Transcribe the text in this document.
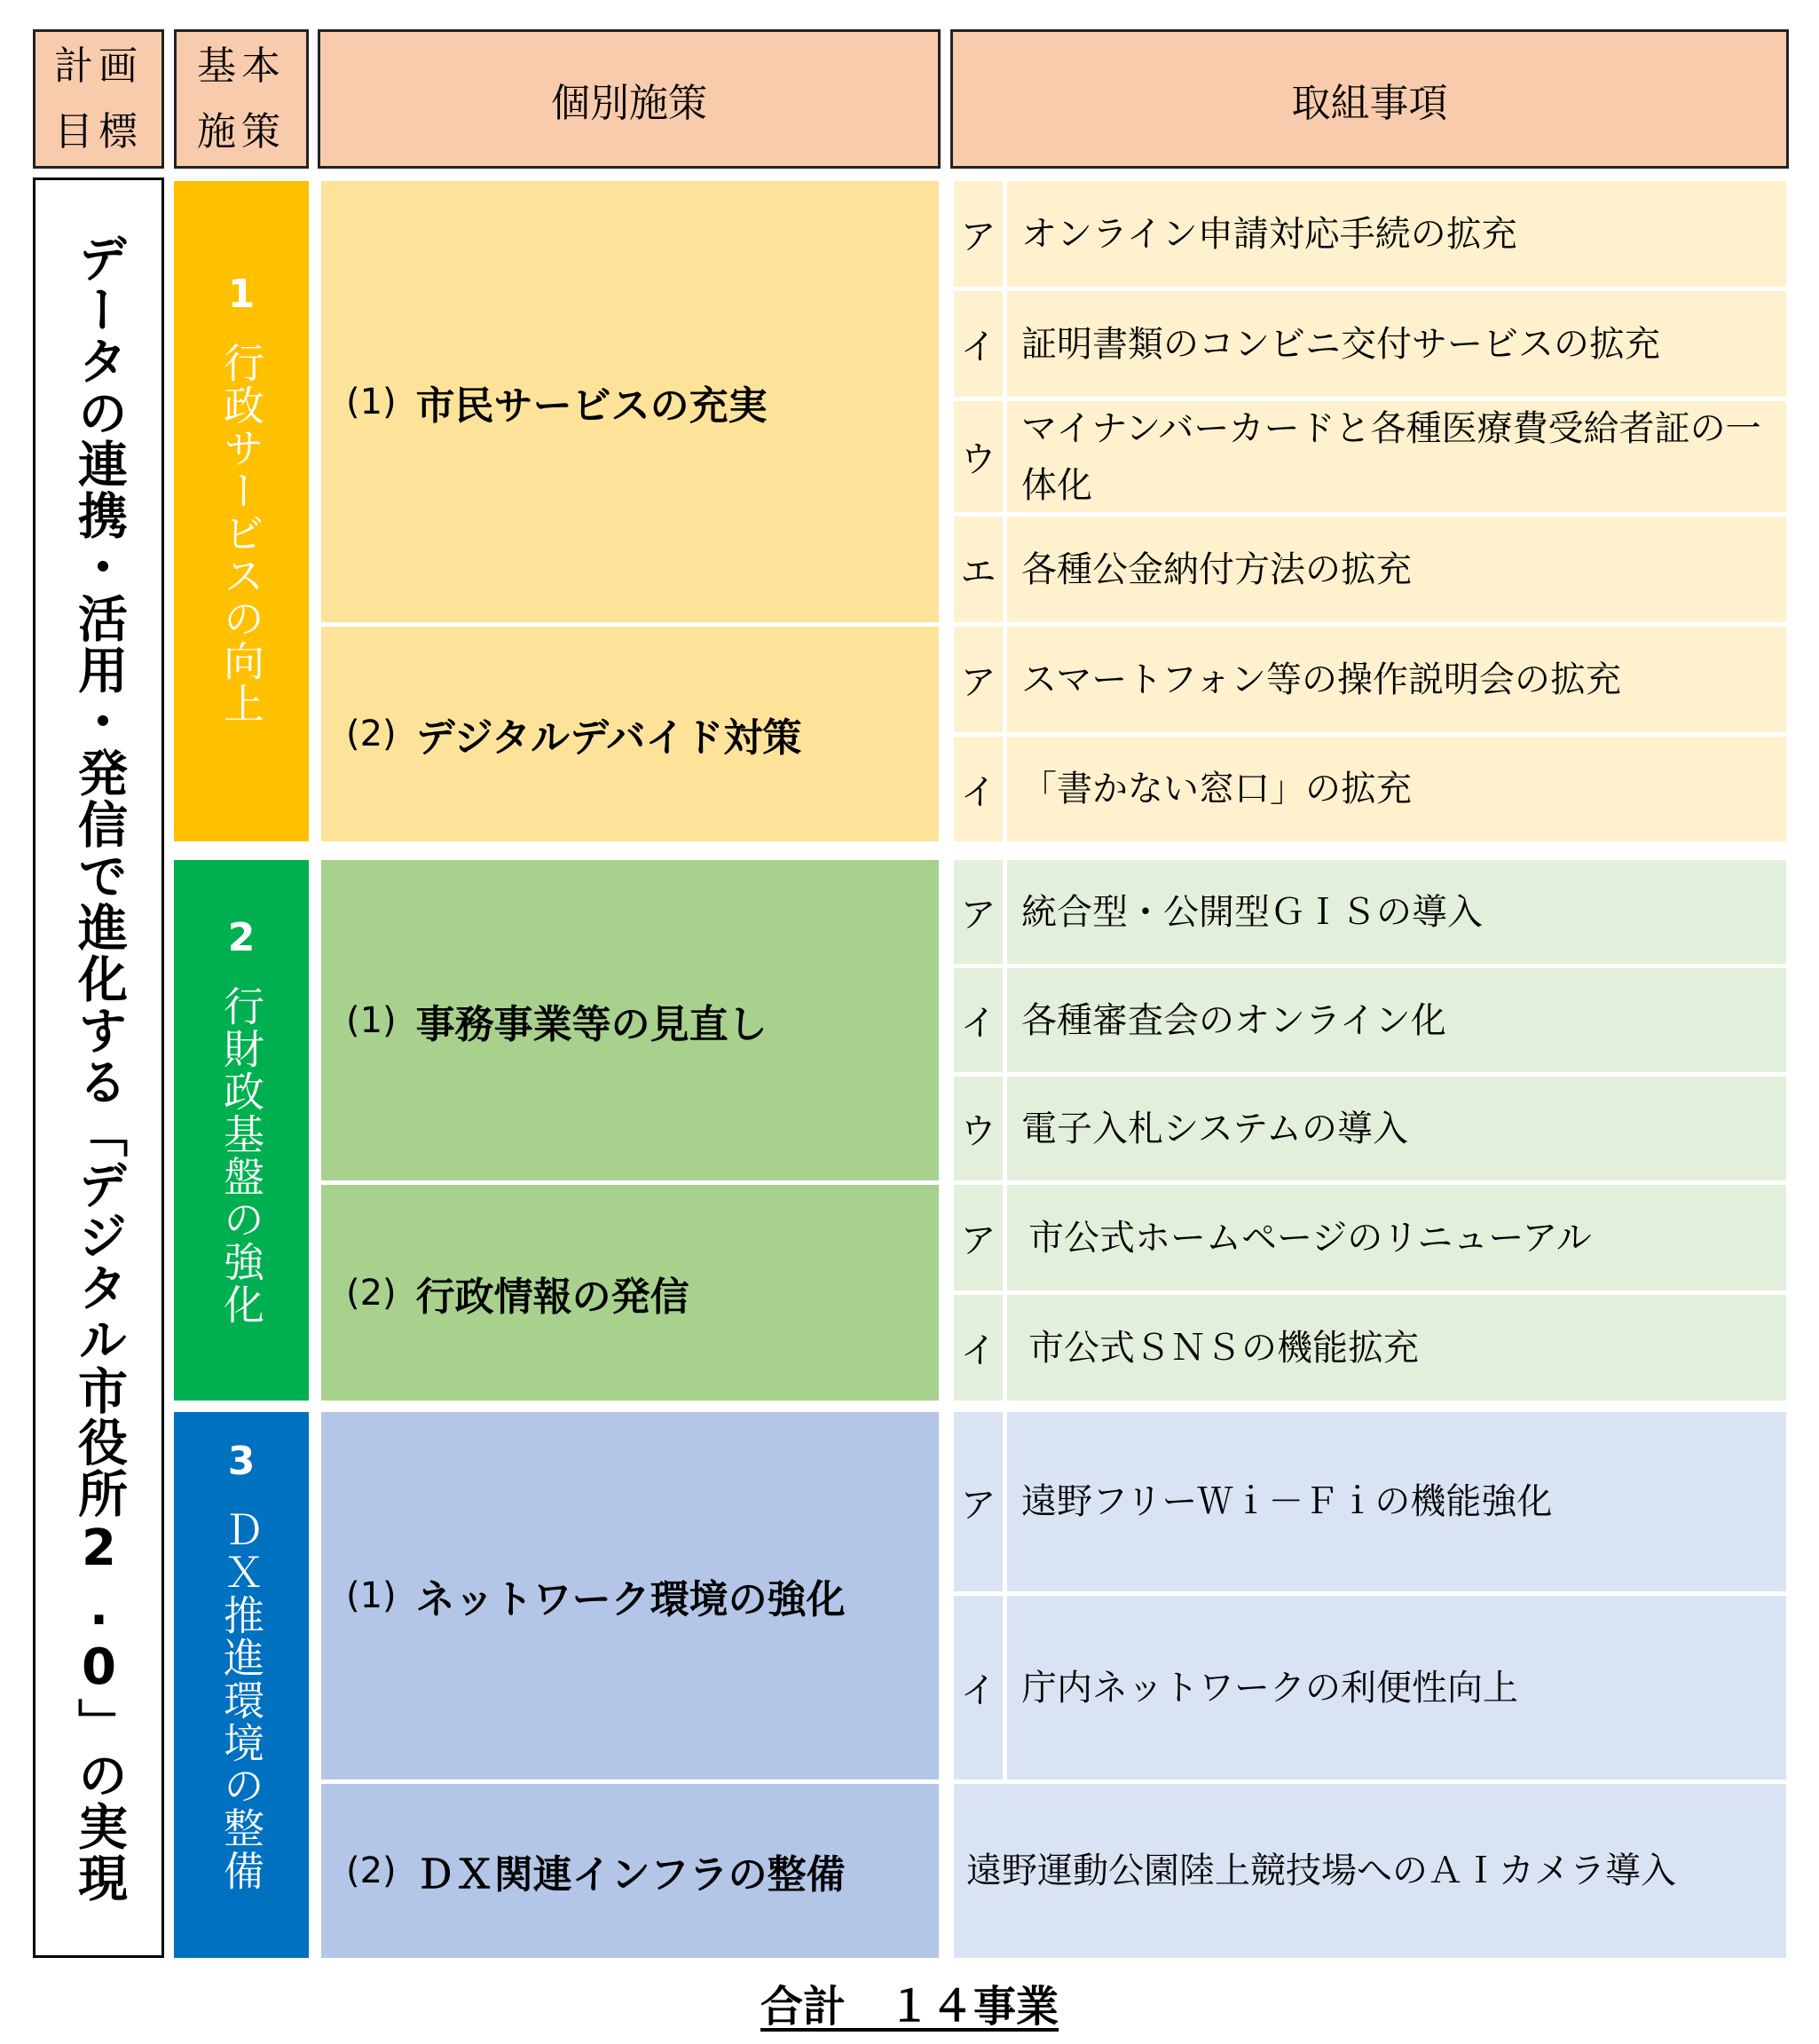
計画
目標
基本
施策
個別施策	取組事項
データの連携・活用・発信で進化する「デジタル市役所2.0」の実現	1
行政サービスの向上
2
行財政基盤の強化
3
ＤＸ推進環境の整備
(1) 市民サービスの充実
(2) デジタルデバイド対策
(1) 事務事業等の見直し
(2) 行政情報の発信
(1) ネットワーク環境の強化
(2) ＤＸ関連インフラの整備
ア オンライン申請対応手続の拡充
イ 証明書類のコンビニ交付サービスの拡充
ウ
マイナンバーカードと各種医療費受給者証の一体化
エ 各種公金納付方法の拡充
ア スマートフォン等の操作説明会の拡充
イ 「書かない窓口」の拡充
ア 統合型・公開型ＧＩＳの導入
イ 各種審査会のオンライン化
ウ 電子入札システムの導入
ア 市公式ホームページのリニューアル
イ 市公式ＳＮＳの機能拡充
ア 遠野フリーＷｉ－Ｆｉの機能強化
イ 庁内ネットワークの利便性向上
遠野運動公園陸上競技場へのＡＩカメラ導入
合計　１４事業
